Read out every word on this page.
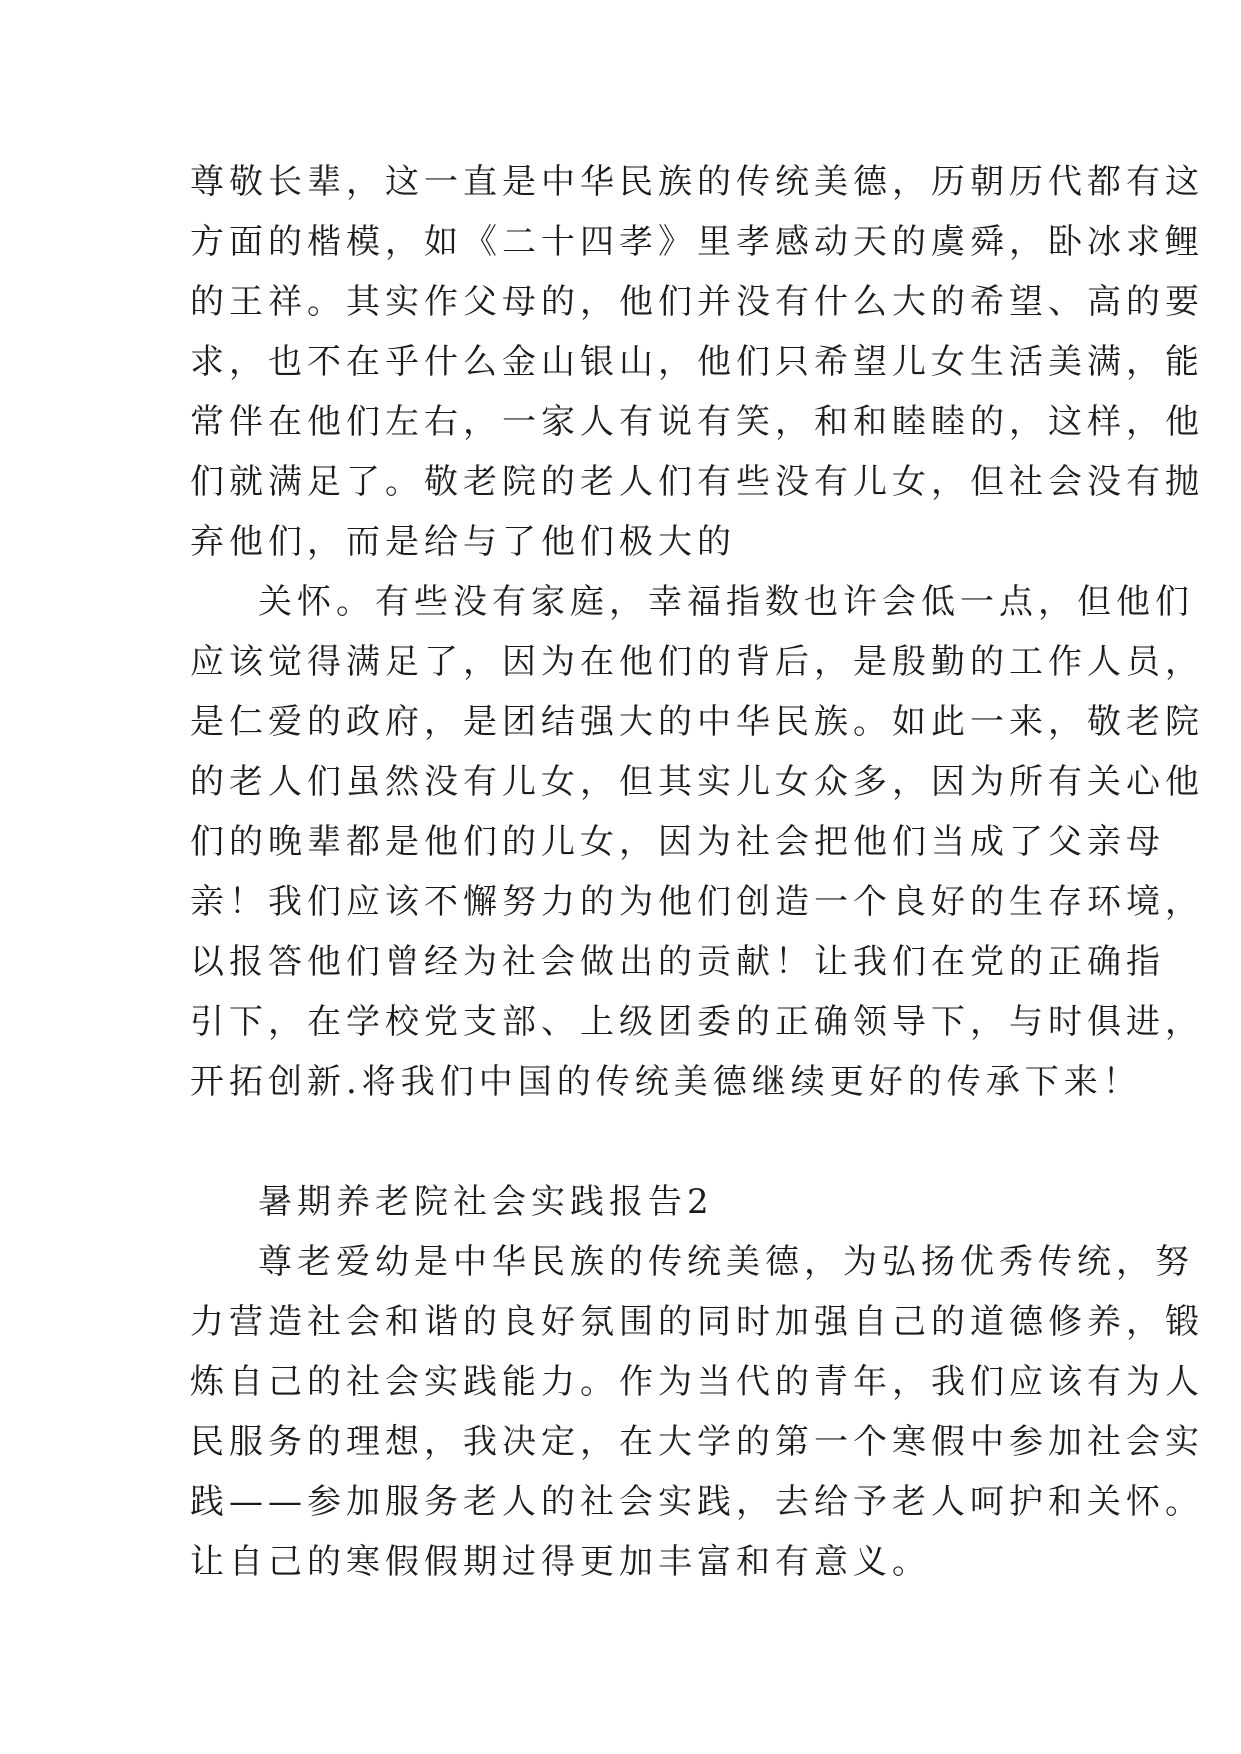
尊敬长辈，这一直是中华民族的传统美德，历朝历代都有这
方面的楷模，如《二十四孝》里孝感动天的虞舜，卧冰求鲤
的王祥。其实作父母的，他们并没有什么大的希望、高的要
求，也不在乎什么金山银山，他们只希望儿女生活美满，能
常伴在他们左右，一家人有说有笑，和和睦睦的，这样，他
们就满足了。敬老院的老人们有些没有儿女，但社会没有抛
弃他们，而是给与了他们极大的
关怀。有些没有家庭，幸福指数也许会低一点，但他们
应该觉得满足了，因为在他们的背后，是殷勤的工作人员，
是仁爱的政府，是团结强大的中华民族。如此一来，敬老院
的老人们虽然没有儿女，但其实儿女众多，因为所有关心他
们的晚辈都是他们的儿女，因为社会把他们当成了父亲母
亲！我们应该不懈努力的为他们创造一个良好的生存环境，
以报答他们曾经为社会做出的贡献！让我们在党的正确指
引下，在学校党支部、上级团委的正确领导下，与时俱进，
开拓创新.将我们中国的传统美德继续更好的传承下来！
暑期养老院社会实践报告2
尊老爱幼是中华民族的传统美德，为弘扬优秀传统，努
力营造社会和谐的良好氛围的同时加强自己的道德修养，锻
炼自己的社会实践能力。作为当代的青年，我们应该有为人
民服务的理想，我决定，在大学的第一个寒假中参加社会实
践——参加服务老人的社会实践，去给予老人呵护和关怀。
让自己的寒假假期过得更加丰富和有意义。
